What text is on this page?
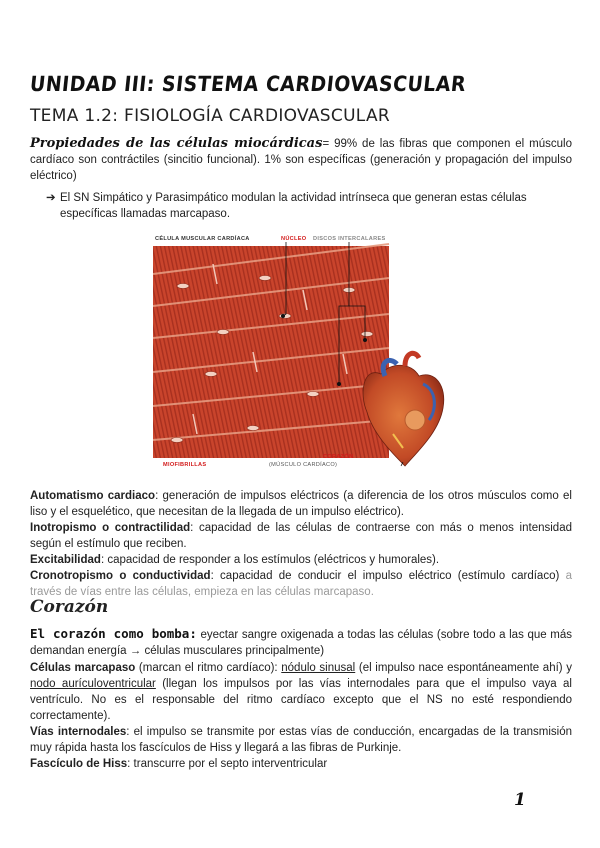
UNIDAD III: SISTEMA CARDIOVASCULAR
TEMA 1.2: FISIOLOGÍA CARDIOVASCULAR
Propiedades de las células miocárdicas= 99% de las fibras que componen el músculo cardíaco son contráctiles (sincitio funcional). 1% son específicas (generación y propagación del impulso eléctrico)
➔ El SN Simpático y Parasimpático modulan la actividad intrínseca que generan estas células específicas llamadas marcapaso.
CÉLULA MUSCULAR CARDÍACA	NÚCLEO DISCOS INTERCALARES
MIOFIBRILLAS
CORAZÓN
(MÚSCULO CARDÍACO)
Automatismo cardiaco: generación de impulsos eléctricos (a diferencia de los otros músculos como el liso y el esquelético, que necesitan de la llegada de un impulso eléctrico).
Inotropismo o contractilidad: capacidad de las células de contraerse con más o menos intensidad según el estímulo que reciben.
Excitabilidad: capacidad de responder a los estímulos (eléctricos y humorales).
Cronotropismo o conductividad: capacidad de conducir el impulso eléctrico (estímulo cardíaco) a través de vías entre las células, empieza en las células marcapaso.
Corazón
El corazón como bomba: eyectar sangre oxigenada a todas las células (sobre todo a las que más demandan energía → células musculares principalmente)
Células marcapaso (marcan el ritmo cardíaco): nódulo sinusal (el impulso nace espontáneamente ahí) y nodo aurículoventricular (llegan los impulsos por las vías internodales para que el impulso vaya al ventrículo. No es el responsable del ritmo cardíaco excepto que el NS no esté respondiendo correctamente).
Vías internodales: el impulso se transmite por estas vías de conducción, encargadas de la transmisión muy rápida hasta los fascículos de Hiss y llegará a las fibras de Purkinje.
Fascículo de Hiss: transcurre por el septo interventricular
1
